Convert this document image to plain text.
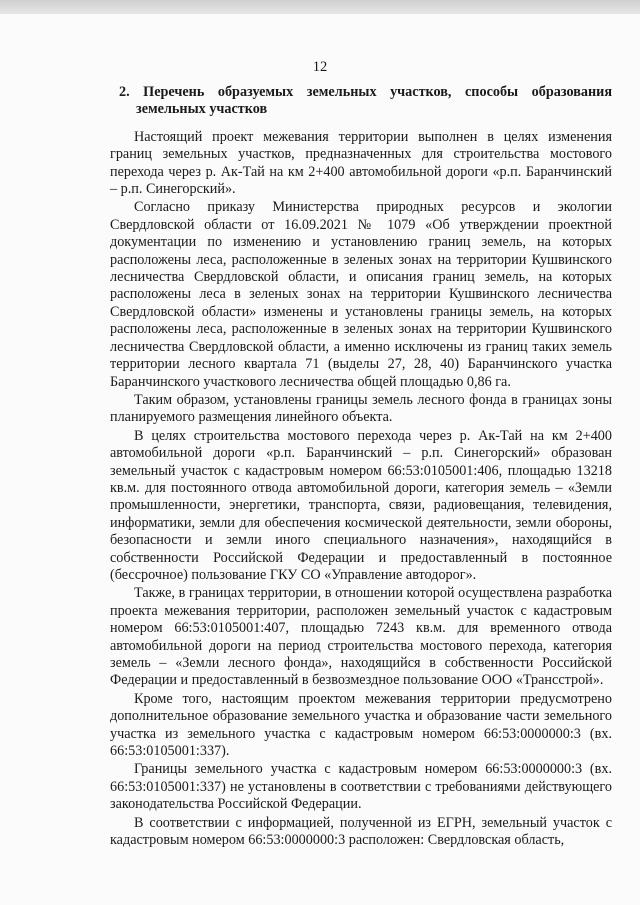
12

2. Перечень образуемых земельных участков, способы образования земельных участков

Настоящий проект межевания территории выполнен в целях изменения границ земельных участков, предназначенных для строительства мостового перехода через р. Ак-Тай на км 2+400 автомобильной дороги «р.п. Баранчинский – р.п. Синегорский».

Согласно приказу Министерства природных ресурсов и экологии Свердловской области от 16.09.2021 № 1079 «Об утверждении проектной документации по изменению и установлению границ земель, на которых расположены леса, расположенные в зеленых зонах на территории Кушвинского лесничества Свердловской области, и описания границ земель, на которых расположены леса в зеленых зонах на территории Кушвинского лесничества Свердловской области» изменены и установлены границы земель, на которых расположены леса, расположенные в зеленых зонах на территории Кушвинского лесничества Свердловской области, а именно исключены из границ таких земель территории лесного квартала 71 (выделы 27, 28, 40) Баранчинского участка Баранчинского участкового лесничества общей площадью 0,86 га.

Таким образом, установлены границы земель лесного фонда в границах зоны планируемого размещения линейного объекта.

В целях строительства мостового перехода через р. Ак-Тай на км 2+400 автомобильной дороги «р.п. Баранчинский – р.п. Синегорский» образован земельный участок с кадастровым номером 66:53:0105001:406, площадью 13218 кв.м. для постоянного отвода автомобильной дороги, категория земель – «Земли промышленности, энергетики, транспорта, связи, радиовещания, телевидения, информатики, земли для обеспечения космической деятельности, земли обороны, безопасности и земли иного специального назначения», находящийся в собственности Российской Федерации и предоставленный в постоянное (бессрочное) пользование ГКУ СО «Управление автодорог».

Также, в границах территории, в отношении которой осуществлена разработка проекта межевания территории, расположен земельный участок с кадастровым номером 66:53:0105001:407, площадью 7243 кв.м. для временного отвода автомобильной дороги на период строительства мостового перехода, категория земель – «Земли лесного фонда», находящийся в собственности Российской Федерации и предоставленный в безвозмездное пользование ООО «Трансстрой».

Кроме того, настоящим проектом межевания территории предусмотрено дополнительное образование земельного участка и образование части земельного участка из земельного участка с кадастровым номером 66:53:0000000:3 (вх. 66:53:0105001:337).

Границы земельного участка с кадастровым номером 66:53:0000000:3 (вх. 66:53:0105001:337) не установлены в соответствии с требованиями действующего законодательства Российской Федерации.

В соответствии с информацией, полученной из ЕГРН, земельный участок с кадастровым номером 66:53:0000000:3 расположен: Свердловская область,
